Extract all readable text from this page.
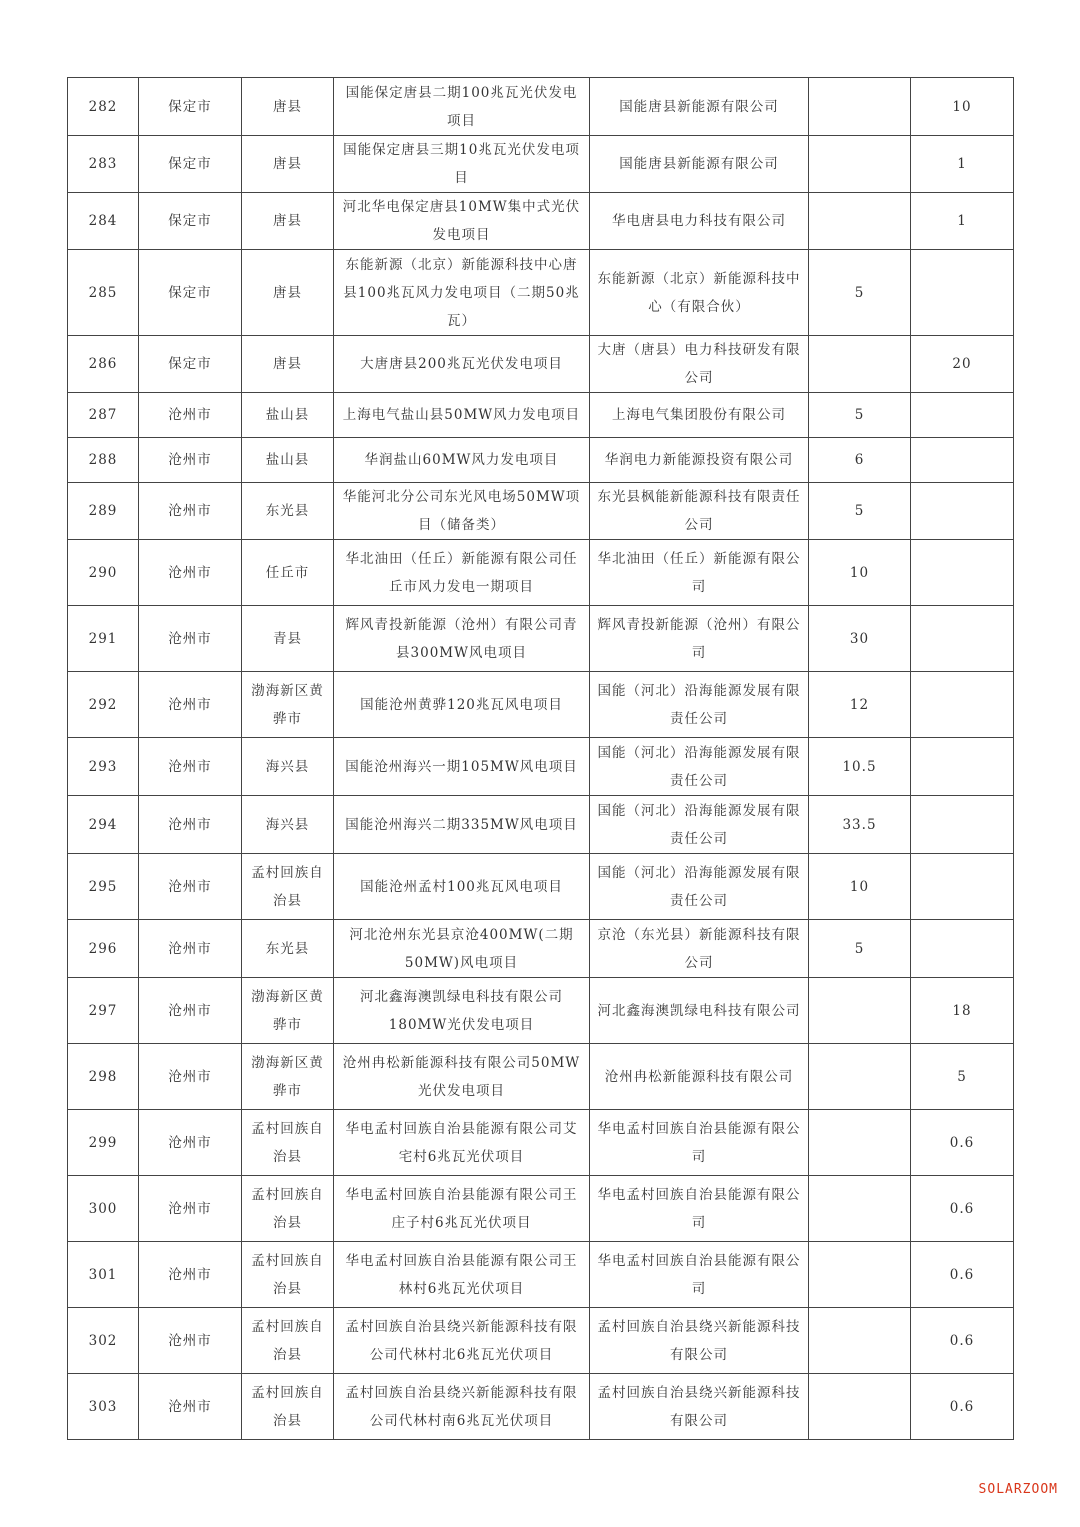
282	保定市	唐县	国能保定唐县二期100兆瓦光伏发电项目	国能唐县新能源有限公司		10
283	保定市	唐县	国能保定唐县三期10兆瓦光伏发电项目	国能唐县新能源有限公司		1
284	保定市	唐县	河北华电保定唐县10MW集中式光伏发电项目	华电唐县电力科技有限公司		1
285	保定市	唐县	东能新源（北京）新能源科技中心唐县100兆瓦风力发电项目（二期50兆瓦）	东能新源（北京）新能源科技中心（有限合伙）	5	
286	保定市	唐县	大唐唐县200兆瓦光伏发电项目	大唐（唐县）电力科技研发有限公司		20
287	沧州市	盐山县	上海电气盐山县50MW风力发电项目	上海电气集团股份有限公司	5	
288	沧州市	盐山县	华润盐山60MW风力发电项目	华润电力新能源投资有限公司	6	
289	沧州市	东光县	华能河北分公司东光风电场50MW项目（储备类）	东光县枫能新能源科技有限责任公司	5	
290	沧州市	任丘市	华北油田（任丘）新能源有限公司任丘市风力发电一期项目	华北油田（任丘）新能源有限公司	10	
291	沧州市	青县	辉风青投新能源（沧州）有限公司青县300MW风电项目	辉风青投新能源（沧州）有限公司	30	
292	沧州市	渤海新区黄骅市	国能沧州黄骅120兆瓦风电项目	国能（河北）沿海能源发展有限责任公司	12	
293	沧州市	海兴县	国能沧州海兴一期105MW风电项目	国能（河北）沿海能源发展有限责任公司	10.5	
294	沧州市	海兴县	国能沧州海兴二期335MW风电项目	国能（河北）沿海能源发展有限责任公司	33.5	
295	沧州市	孟村回族自治县	国能沧州孟村100兆瓦风电项目	国能（河北）沿海能源发展有限责任公司	10	
296	沧州市	东光县	河北沧州东光县京沧400MW(二期50MW)风电项目	京沧（东光县）新能源科技有限公司	5	
297	沧州市	渤海新区黄骅市	河北鑫海澳凯绿电科技有限公司180MW光伏发电项目	河北鑫海澳凯绿电科技有限公司		18
298	沧州市	渤海新区黄骅市	沧州冉松新能源科技有限公司50MW光伏发电项目	沧州冉松新能源科技有限公司		5
299	沧州市	孟村回族自治县	华电孟村回族自治县能源有限公司艾宅村6兆瓦光伏项目	华电孟村回族自治县能源有限公司		0.6
300	沧州市	孟村回族自治县	华电孟村回族自治县能源有限公司王庄子村6兆瓦光伏项目	华电孟村回族自治县能源有限公司		0.6
301	沧州市	孟村回族自治县	华电孟村回族自治县能源有限公司王林村6兆瓦光伏项目	华电孟村回族自治县能源有限公司		0.6
302	沧州市	孟村回族自治县	孟村回族自治县绕兴新能源科技有限公司代林村北6兆瓦光伏项目	孟村回族自治县绕兴新能源科技有限公司		0.6
303	沧州市	孟村回族自治县	孟村回族自治县绕兴新能源科技有限公司代林村南6兆瓦光伏项目	孟村回族自治县绕兴新能源科技有限公司		0.6
SOLARZOOM
